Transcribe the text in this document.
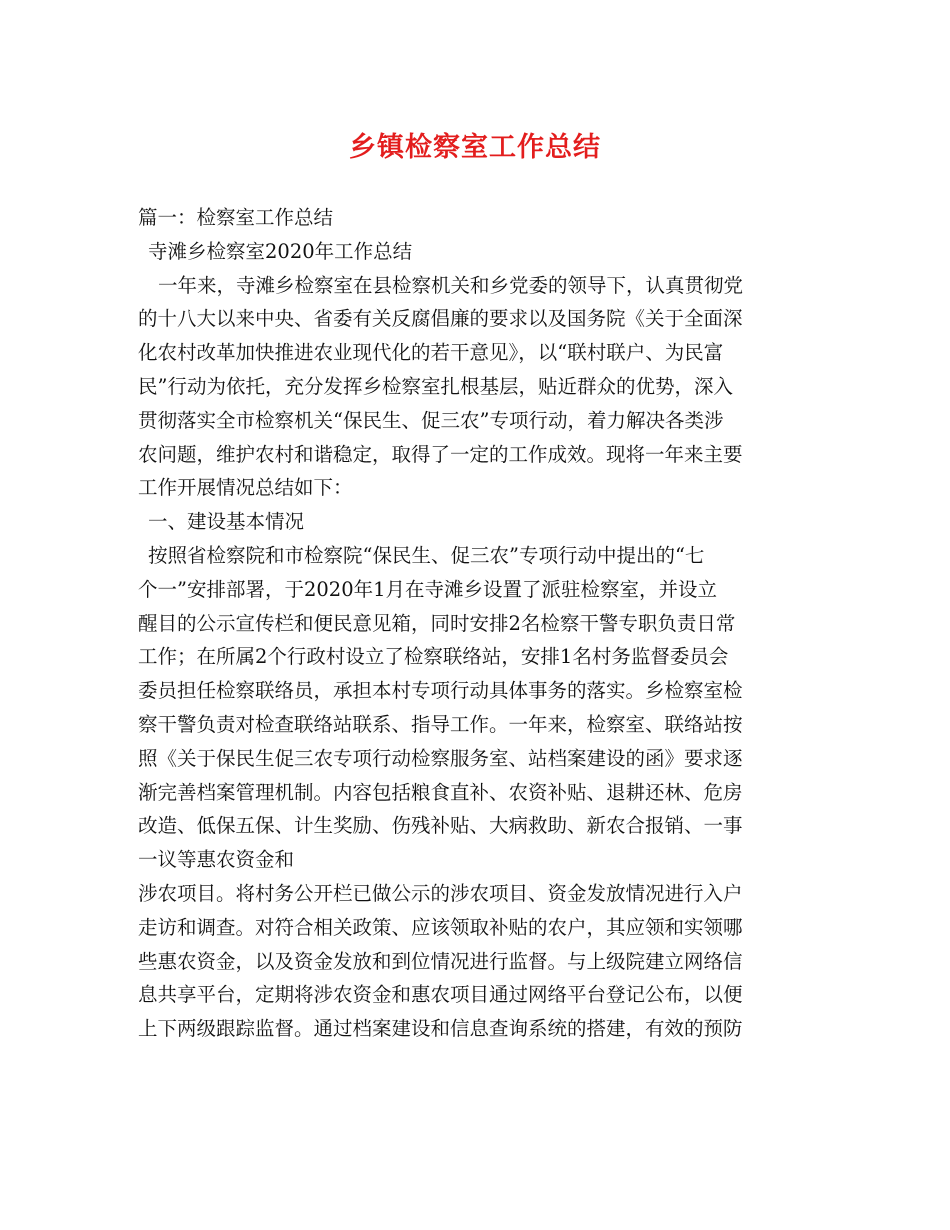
乡镇检察室工作总结
篇一：检察室工作总结
寺滩乡检察室2020年工作总结
一年来，寺滩乡检察室在县检察机关和乡党委的领导下，认真贯彻党
的十八大以来中央、省委有关反腐倡廉的要求以及国务院《关于全面深
化农村改革加快推进农业现代化的若干意见》，以“联村联户、为民富
民”行动为依托，充分发挥乡检察室扎根基层，贴近群众的优势，深入
贯彻落实全市检察机关“保民生、促三农”专项行动，着力解决各类涉
农问题，维护农村和谐稳定，取得了一定的工作成效。现将一年来主要
工作开展情况总结如下：
一、建设基本情况
按照省检察院和市检察院“保民生、促三农”专项行动中提出的“七
个一”安排部署，于2020年1月在寺滩乡设置了派驻检察室，并设立
醒目的公示宣传栏和便民意见箱，同时安排2名检察干警专职负责日常
工作；在所属2个行政村设立了检察联络站，安排1名村务监督委员会
委员担任检察联络员，承担本村专项行动具体事务的落实。乡检察室检
察干警负责对检查联络站联系、指导工作。一年来，检察室、联络站按
照《关于保民生促三农专项行动检察服务室、站档案建设的函》要求逐
渐完善档案管理机制。内容包括粮食直补、农资补贴、退耕还林、危房
改造、低保五保、计生奖励、伤残补贴、大病救助、新农合报销、一事
一议等惠农资金和
涉农项目。将村务公开栏已做公示的涉农项目、资金发放情况进行入户
走访和调查。对符合相关政策、应该领取补贴的农户，其应领和实领哪
些惠农资金，以及资金发放和到位情况进行监督。与上级院建立网络信
息共享平台，定期将涉农资金和惠农项目通过网络平台登记公布，以便
上下两级跟踪监督。通过档案建设和信息查询系统的搭建，有效的预防
